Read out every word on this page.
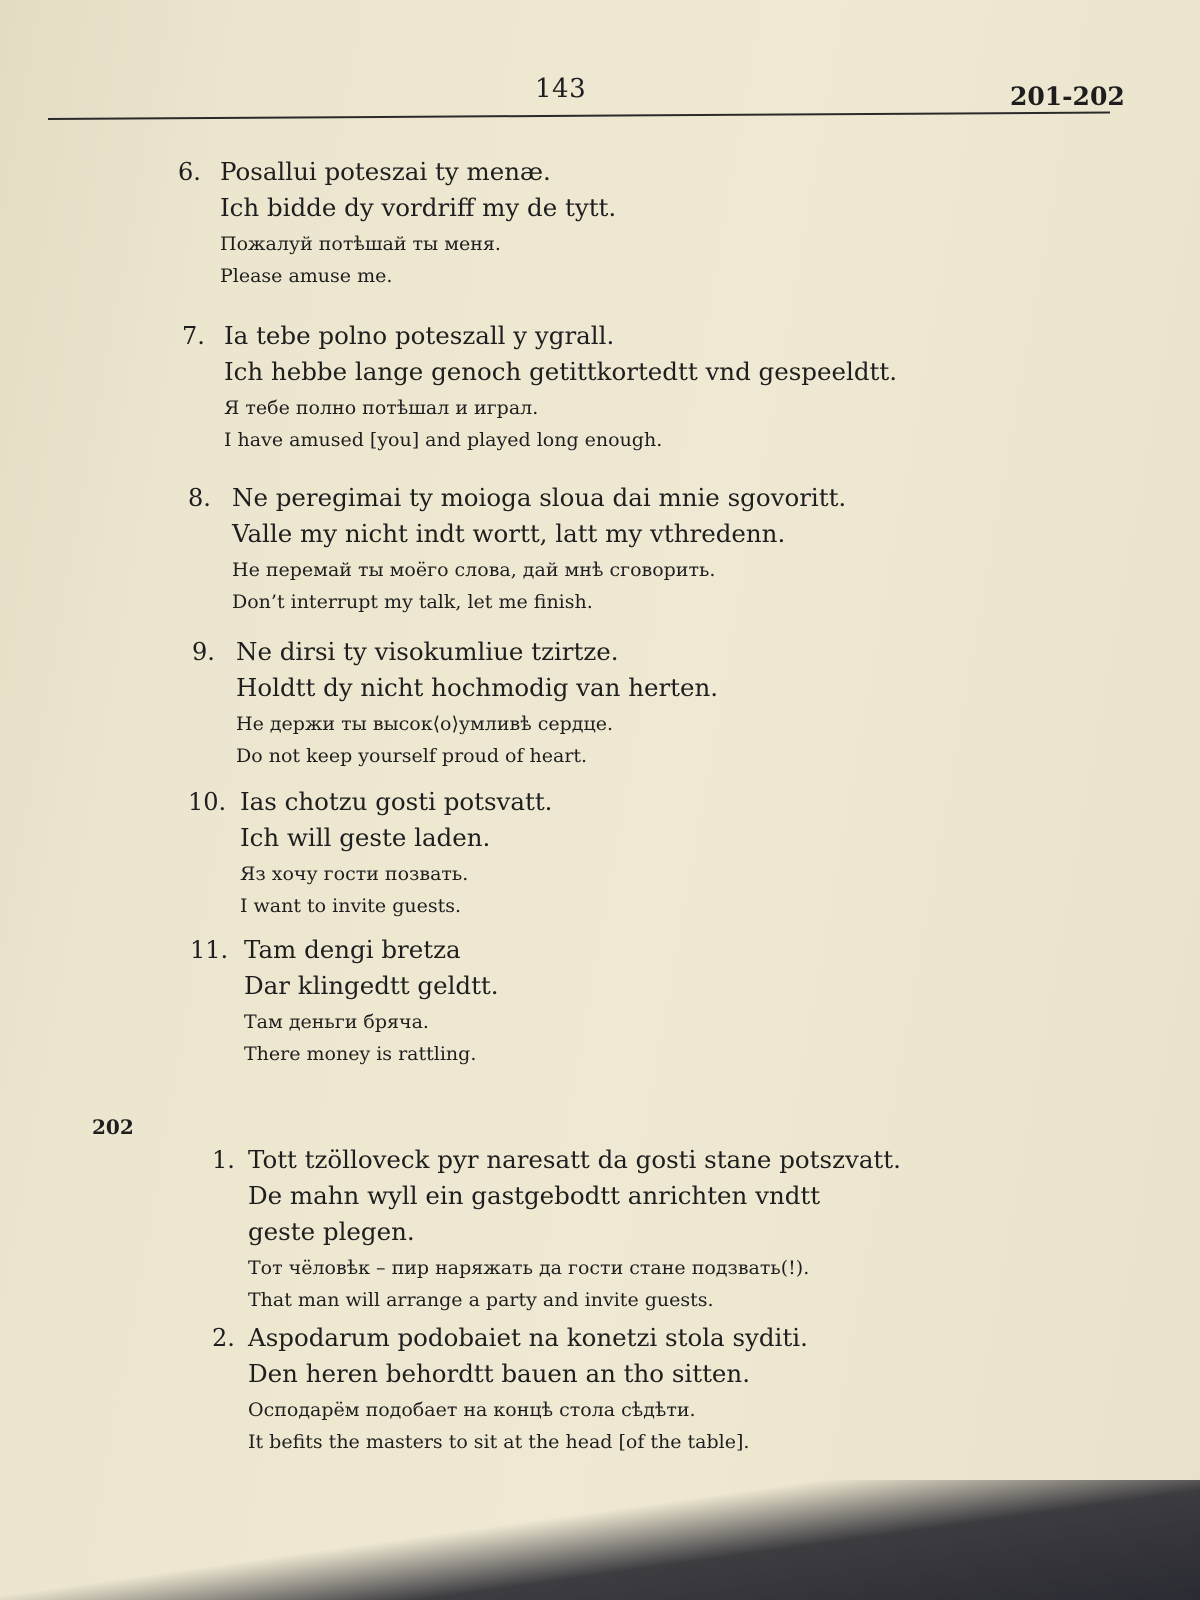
143	201-202
6. Posallui poteszai ty menæ.
Ich bidde dy vordriff my de tytt.
Пожалуй потѣшай ты меня.
Please amuse me.
7. Ia tebe polno poteszall y ygrall.
Ich hebbe lange genoch getittkortedtt vnd gespeeldtt.
Я тебе полно потѣшал и играл.
I have amused [you] and played long enough.
8. Ne peregimai ty moioga sloua dai mnie sgovoritt.
Valle my nicht indt wortt, latt my vthredenn.
Не перемай ты моёго слова, дай мнѣ сговорить.
Don’t interrupt my talk, let me finish.
9. Ne dirsi ty visokumliue tzirtze.
Holdtt dy nicht hochmodig van herten.
Не держи ты высок⟨о⟩умливѣ сердце.
Do not keep yourself proud of heart.
10. Ias chotzu gosti potsvatt.
Ich will geste laden.
Яз хочу гости позвать.
I want to invite guests.
11. Tam dengi bretza
Dar klingedtt geldtt.
Там деньги бряча.
There money is rattling.
202
1. Tott tzölloveck pyr naresatt da gosti stane potszvatt.
De mahn wyll ein gastgebodtt anrichten vndtt
geste plegen.
Тот чёловѣк – пир наряжать да гости стане подзвать(!).
That man will arrange a party and invite guests.
2. Aspodarum podobaiet na konetzi stola syditi.
Den heren behordtt bauen an tho sitten.
Осподарём подобает на концѣ стола сѣдѣти.
It befits the masters to sit at the head [of the table].
